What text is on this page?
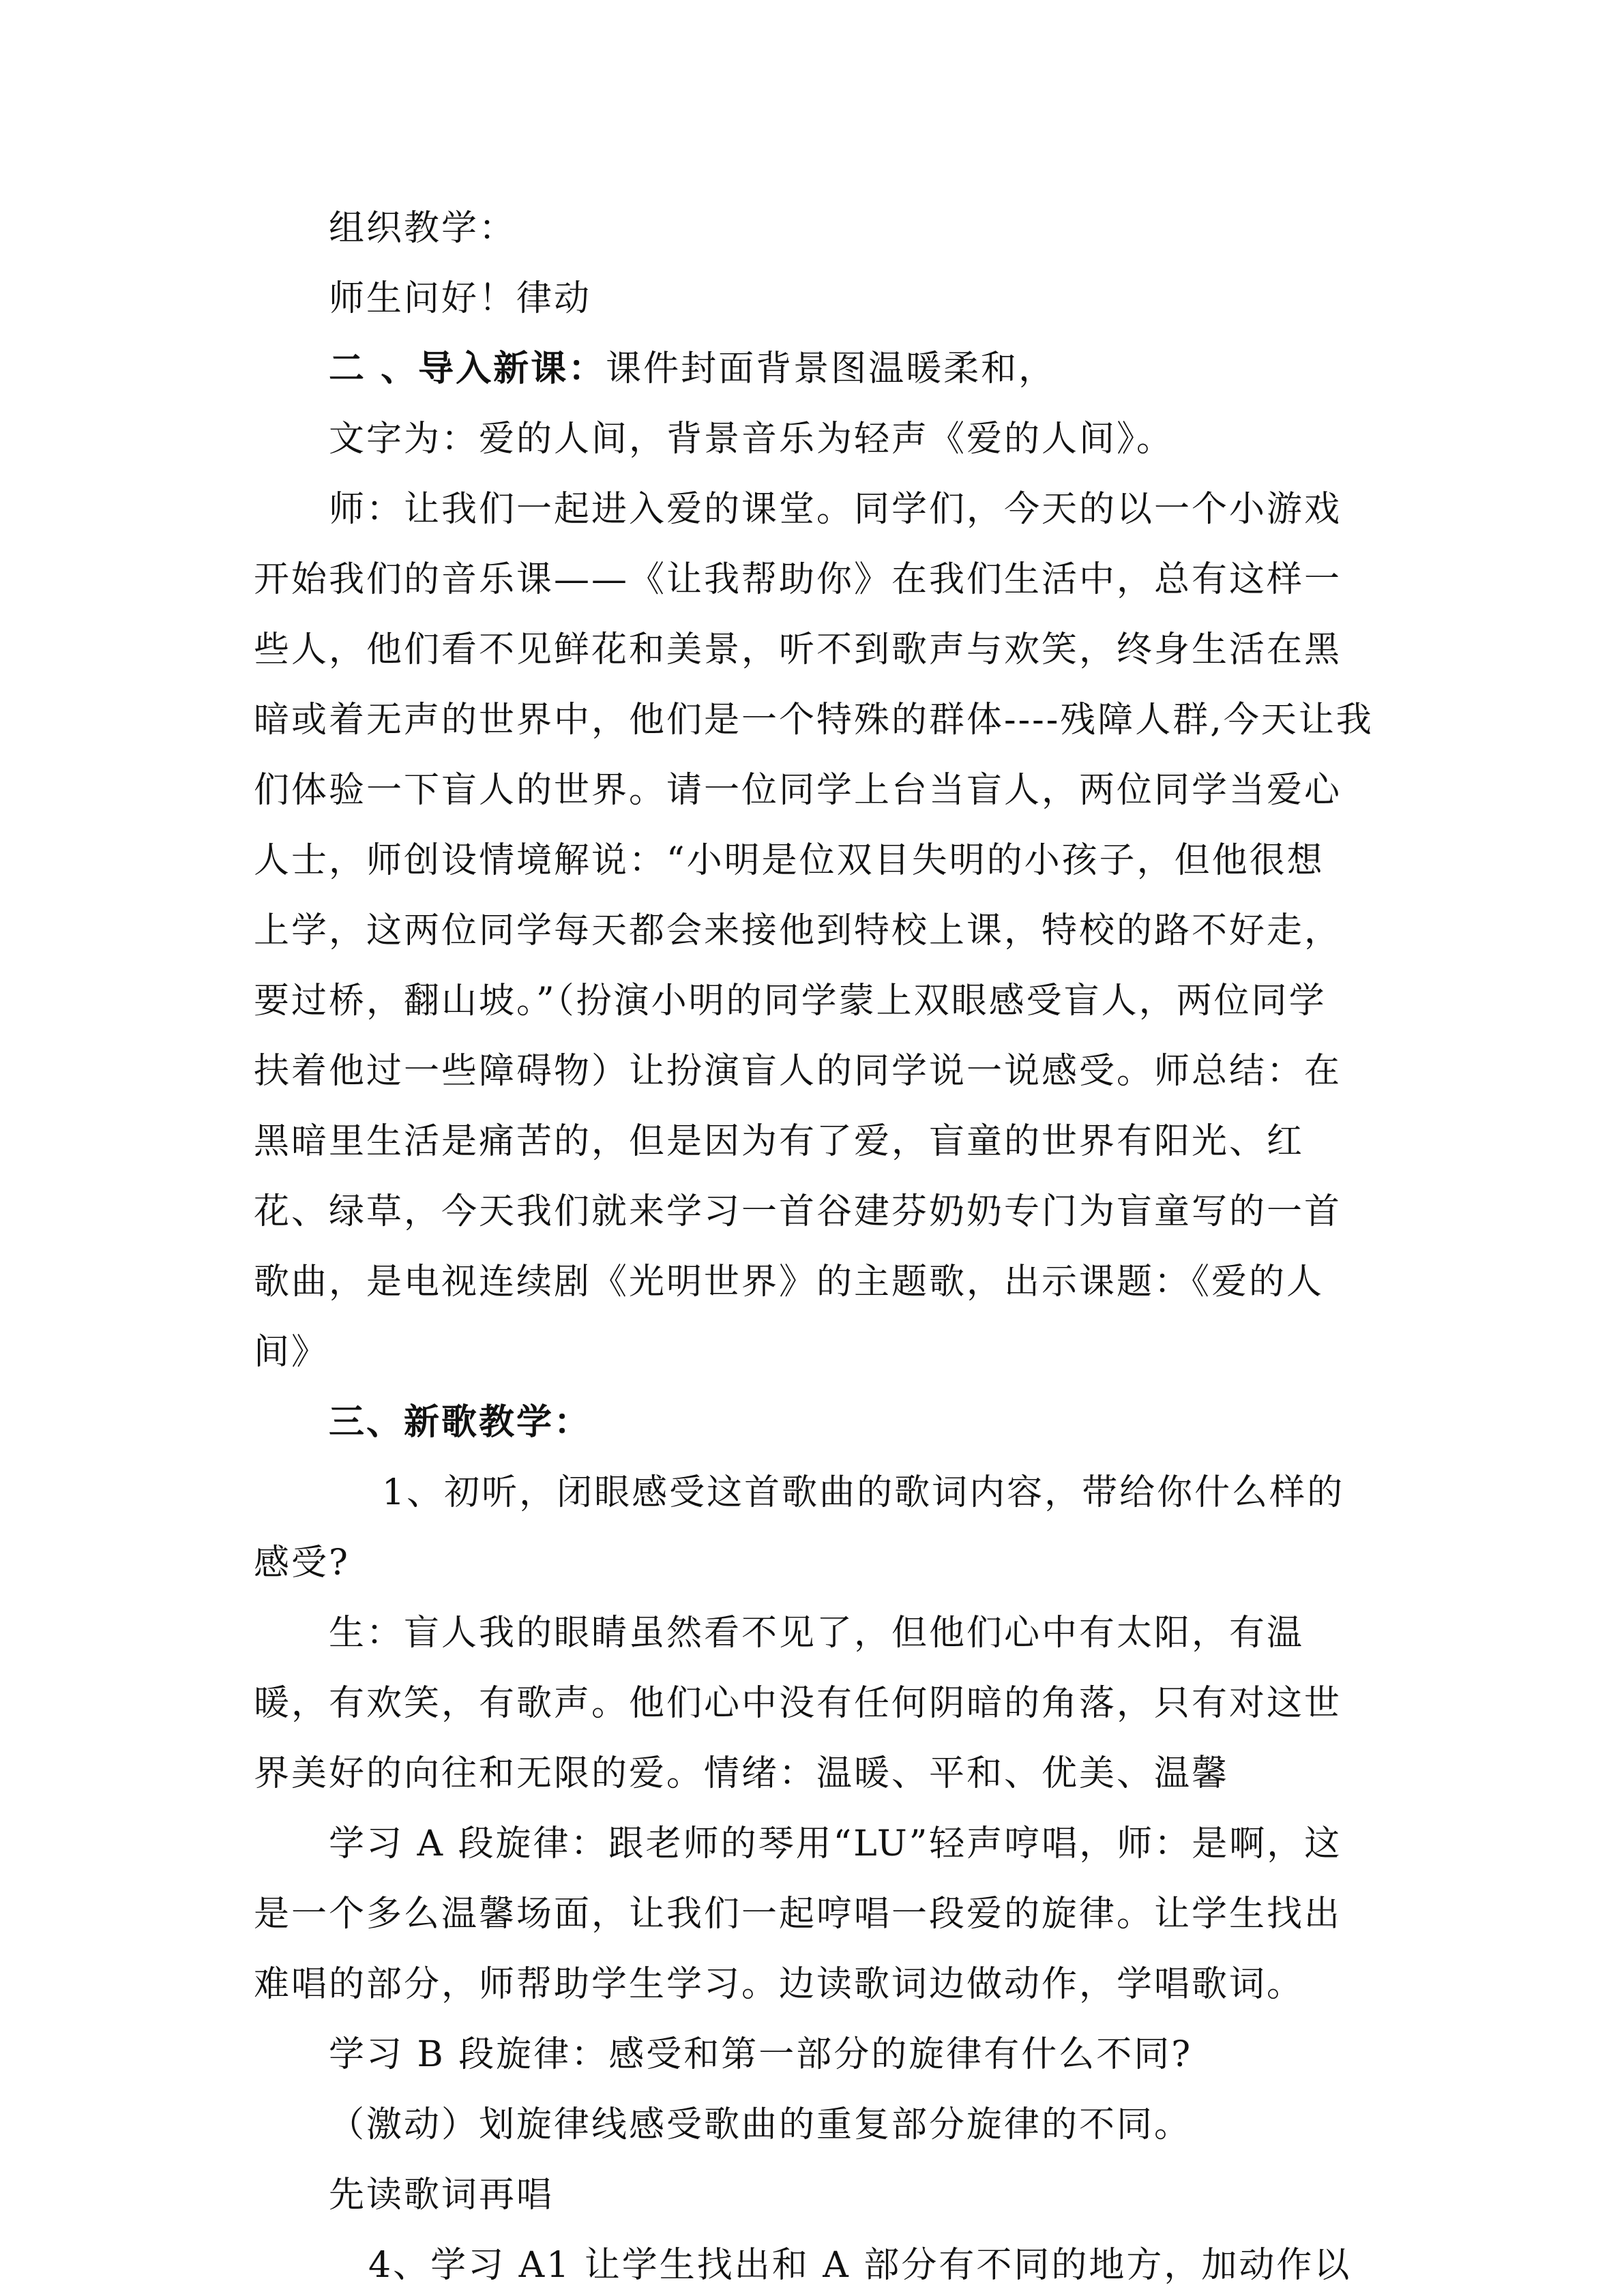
组织教学：
师生问好！律动
二 、导入新课：课件封面背景图温暖柔和，
文字为：爱的人间，背景音乐为轻声《爱的人间》。
师：让我们一起进入爱的课堂。同学们，今天的以一个小游戏
开始我们的音乐课——《让我帮助你》在我们生活中，总有这样一
些人，他们看不见鲜花和美景，听不到歌声与欢笑，终身生活在黑
暗或着无声的世界中，他们是一个特殊的群体----残障人群,今天让我
们体验一下盲人的世界。请一位同学上台当盲人，两位同学当爱心
人士，师创设情境解说：“小明是位双目失明的小孩子，但他很想
上学，这两位同学每天都会来接他到特校上课，特校的路不好走，
要过桥，翻山坡。”（扮演小明的同学蒙上双眼感受盲人，两位同学
扶着他过一些障碍物）让扮演盲人的同学说一说感受。师总结：在
黑暗里生活是痛苦的，但是因为有了爱，盲童的世界有阳光、红
花、绿草，今天我们就来学习一首谷建芬奶奶专门为盲童写的一首
歌曲，是电视连续剧《光明世界》的主题歌，出示课题：《爱的人
间》
三、新歌教学：
1、初听，闭眼感受这首歌曲的歌词内容，带给你什么样的
感受?
生：盲人我的眼睛虽然看不见了，但他们心中有太阳，有温
暖，有欢笑，有歌声。他们心中没有任何阴暗的角落，只有对这世
界美好的向往和无限的爱。情绪：温暖、平和、优美、温馨
学习 A 段旋律：跟老师的琴用“LU”轻声哼唱，师：是啊，这
是一个多么温馨场面，让我们一起哼唱一段爱的旋律。让学生找出
难唱的部分，师帮助学生学习。边读歌词边做动作，学唱歌词。
学习 B 段旋律：感受和第一部分的旋律有什么不同?
（激动）划旋律线感受歌曲的重复部分旋律的不同。
先读歌词再唱
4、学习 A1 让学生找出和 A 部分有不同的地方，加动作以
